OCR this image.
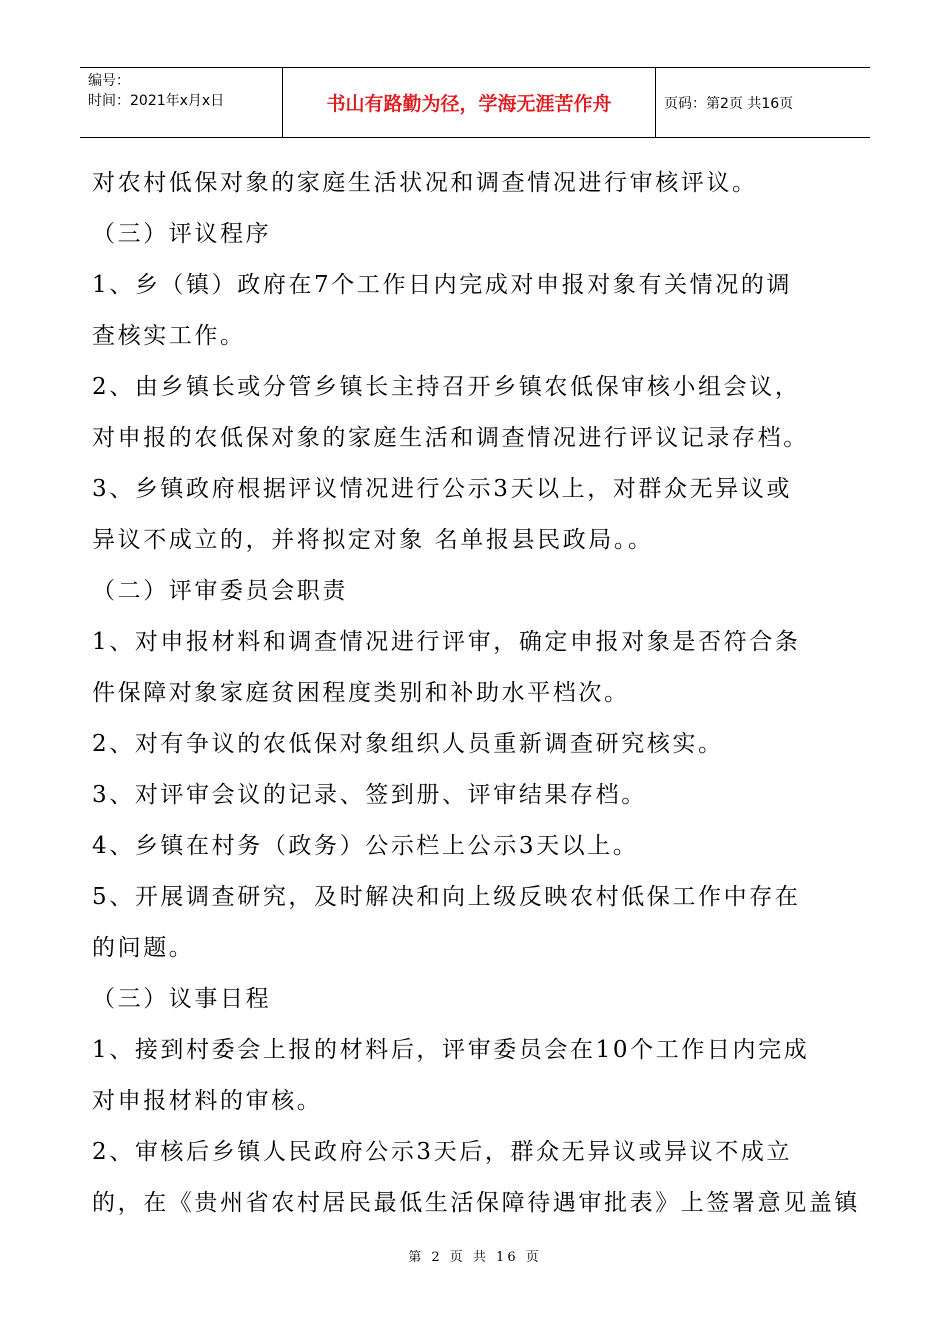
编号：
时间：2021年x月x日	书山有路勤为径，学海无涯苦作舟	页码：第2页 共16页

对农村低保对象的家庭生活状况和调查情况进行审核评议。

（三）评议程序

1、乡（镇）政府在7个工作日内完成对申报对象有关情况的调

查核实工作。

2、由乡镇长或分管乡镇长主持召开乡镇农低保审核小组会议，

对申报的农低保对象的家庭生活和调查情况进行评议记录存档。

3、乡镇政府根据评议情况进行公示3天以上，对群众无异议或

异议不成立的，并将拟定对象 名单报县民政局。。

（二）评审委员会职责

1、对申报材料和调查情况进行评审，确定申报对象是否符合条

件保障对象家庭贫困程度类别和补助水平档次。

2、对有争议的农低保对象组织人员重新调查研究核实。

3、对评审会议的记录、签到册、评审结果存档。

4、乡镇在村务（政务）公示栏上公示3天以上。

5、开展调查研究，及时解决和向上级反映农村低保工作中存在

的问题。

（三）议事日程

1、接到村委会上报的材料后，评审委员会在10个工作日内完成

对申报材料的审核。

2、审核后乡镇人民政府公示3天后，群众无异议或异议不成立

的，在《贵州省农村居民最低生活保障待遇审批表》上签署意见盖镇

第 2 页 共 16 页
